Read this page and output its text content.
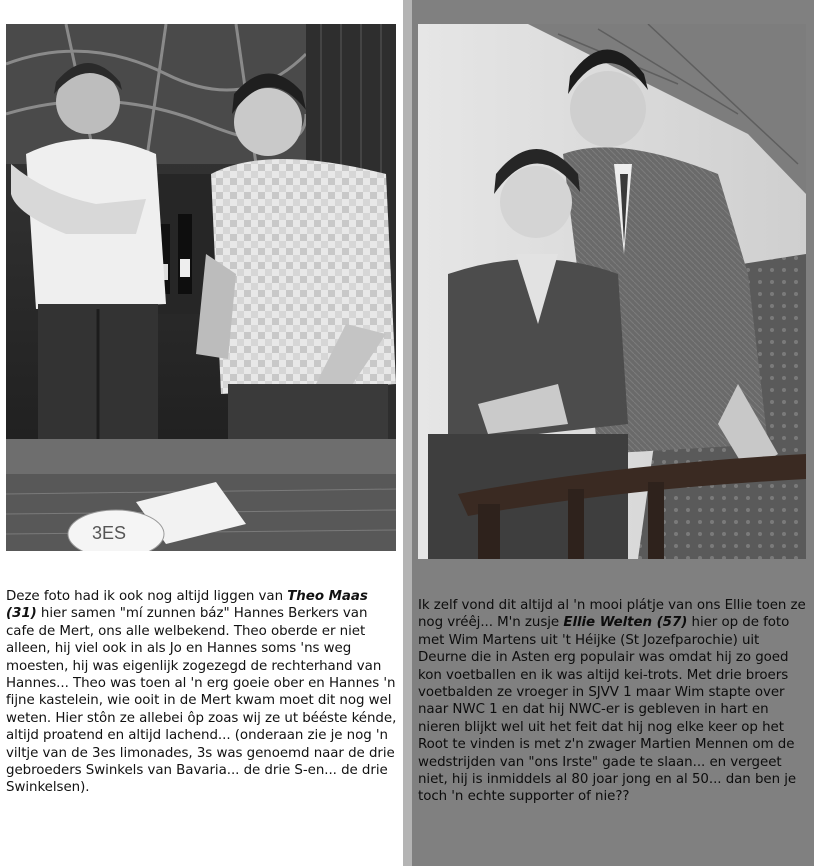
3ES
Deze foto had ik ook nog altijd liggen van Theo Maas (31) hier samen "mí zunnen báz" Hannes Berkers van cafe de Mert, ons alle welbekend. Theo oberde er niet alleen, hij viel ook in als Jo en Hannes soms 'ns weg moesten, hij was eigenlijk zogezegd de rechterhand van Hannes... Theo was toen al 'n erg goeie ober en Hannes 'n fijne kastelein, wie ooit in de Mert kwam moet dit nog wel weten. Hier stôn ze allebei ôp zoas wij ze ut bééste kénde, altijd proatend en altijd lachend... (onderaan zie je nog 'n viltje van de 3es limonades, 3s was genoemd naar de drie gebroeders Swinkels van Bavaria... de drie S-en... de drie Swinkelsen).
Ik zelf vond dit altijd al 'n mooi plátje van ons Ellie toen ze nog vréêj... M'n zusje Ellie Welten (57) hier op de foto met Wim Martens uit 't Héijke (St Jozefparochie) uit Deurne die in Asten erg populair was omdat hij zo goed kon voetballen en ik was altijd kei-trots. Met drie broers voetbalden ze vroeger in SJVV 1 maar Wim stapte over naar NWC 1 en dat hij NWC-er is gebleven in hart en nieren blijkt wel uit het feit dat hij nog elke keer op het Root te vinden is met z'n zwager Martien Mennen om de wedstrijden van "ons Irste" gade te slaan... en vergeet niet, hij is inmiddels al 80 joar jong en al 50... dan ben je toch 'n echte supporter of nie??
